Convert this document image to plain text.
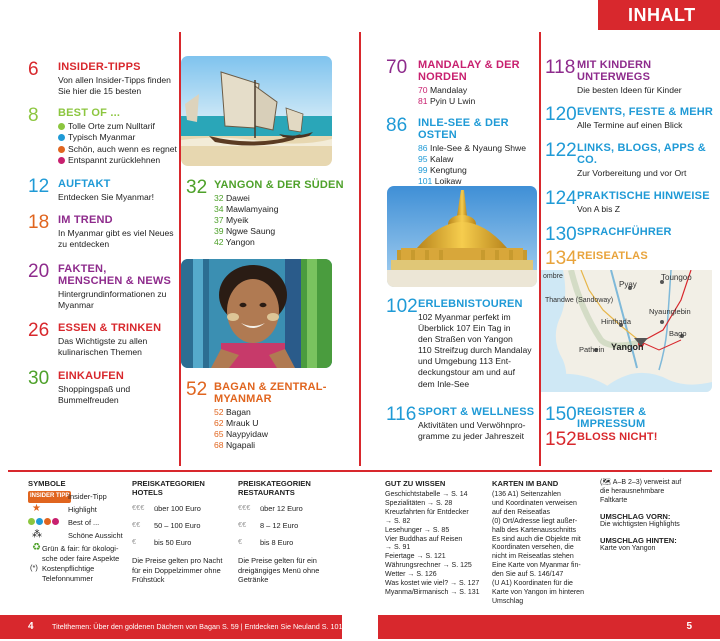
INHALT
6 INSIDER-TIPPS
Von allen Insider-Tipps finden
Sie hier die 15 besten
8 BEST OF ...
Tolle Orte zum Nulltarif
Typisch Myanmar
Schön, auch wenn es regnet
Entspannt zurücklehnen
12 AUFTAKT
Entdecken Sie Myanmar!
18 IM TREND
In Myanmar gibt es viel Neues
zu entdecken
20 FAKTEN,
MENSCHEN & NEWS
Hintergrundinformationen zu
Myanmar
26 ESSEN & TRINKEN
Das Wichtigste zu allen
kulinarischen Themen
30 EINKAUFEN
Shoppingspaß und
Bummelfreuden
32 YANGON & DER SÜDEN
32 Dawei
34 Mawlamyaing
37 Myeik
39 Ngwe Saung
42 Yangon
52 BAGAN & ZENTRAL-
MYANMAR
52 Bagan
62 Mrauk U
65 Naypyidaw
68 Ngapali
70 MANDALAY & DER
NORDEN
70 Mandalay
81 Pyin U Lwin
86 INLE-SEE & DER OSTEN
86 Inle-See & Nyaung Shwe
95 Kalaw
99 Kengtung
101 Loikaw
102 ERLEBNISTOUREN
102 Myanmar perfekt im
Überblick 107 Ein Tag in
den Straßen von Yangon
110 Streifzug durch Mandalay
und Umgebung 113 Ent-
deckungstour am und auf
dem Inle-See
116 SPORT & WELLNESS
Aktivitäten und Verwöhnpro-
gramme zu jeder Jahreszeit
118 MIT KINDERN
UNTERWEGS
Die besten Ideen für Kinder
120 EVENTS, FESTE & MEHR
Alle Termine auf einen Blick
122 LINKS, BLOGS, APPS &
CO.
Zur Vorbereitung und vor Ort
124 PRAKTISCHE HINWEISE
Von A bis Z
130 SPRACHFÜHRER
134 REISEATLAS
ombre	Toungoo
Pyay
Thandwe (Sandoway)
Hinthada
Nyaunglebin
Bago
Pathein Yangon
150 REGISTER & IMPRESSUM
152 BLOSS NICHT!
SYMBOLE
INSIDER TIPP
Insider-Tipp
★	Highlight
Best of ...
⁂	Schöne Aussicht
♻ Grün & fair: für ökologi-
sche oder faire Aspekte
(*) Kostenpflichtige
Telefonnummer
PREISKATEGORIEN
HOTELS
€€€ über 100 Euro
€€ 50 – 100 Euro
€ bis 50 Euro
Die Preise gelten pro Nacht
für ein Doppelzimmer ohne
Frühstück
PREISKATEGORIEN
RESTAURANTS
€€€ über 12 Euro
€€ 8 – 12 Euro
€ bis 8 Euro
Die Preise gelten für ein
dreigängiges Menü ohne
Getränke
GUT ZU WISSEN
Geschichtstabelle → S. 14
Spezialitäten → S. 28
Kreuzfahrten für Entdecker
→ S. 82
Lesehunger → S. 85
Vier Buddhas auf Reisen
→ S. 91
Feiertage → S. 121
Währungsrechner → S. 125
Wetter → S. 126
Was kostet wie viel? → S. 127
Myanma/Birmanisch → S. 131
KARTEN IM BAND
(136 A1) Seitenzahlen
und Koordinaten verweisen
auf den Reiseatlas
(0) Ort/Adresse liegt außer-
halb des Kartenausschnitts
Es sind auch die Objekte mit
Koordinaten versehen, die
nicht im Reiseatlas stehen
Eine Karte von Myanmar fin-
den Sie auf S. 146/147
(U A1) Koordinaten für die
Karte von Yangon im hinteren
Umschlag
(🗺 A–B 2–3) verweist auf
die herausnehmbare
Faltkarte
UMSCHLAG VORN:
Die wichtigsten Highlights
UMSCHLAG HINTEN:
Karte von Yangon
4	Titelthemen: Über den goldenen Dächern von Bagan S. 59 | Entdecken Sie Neuland S. 101	5
